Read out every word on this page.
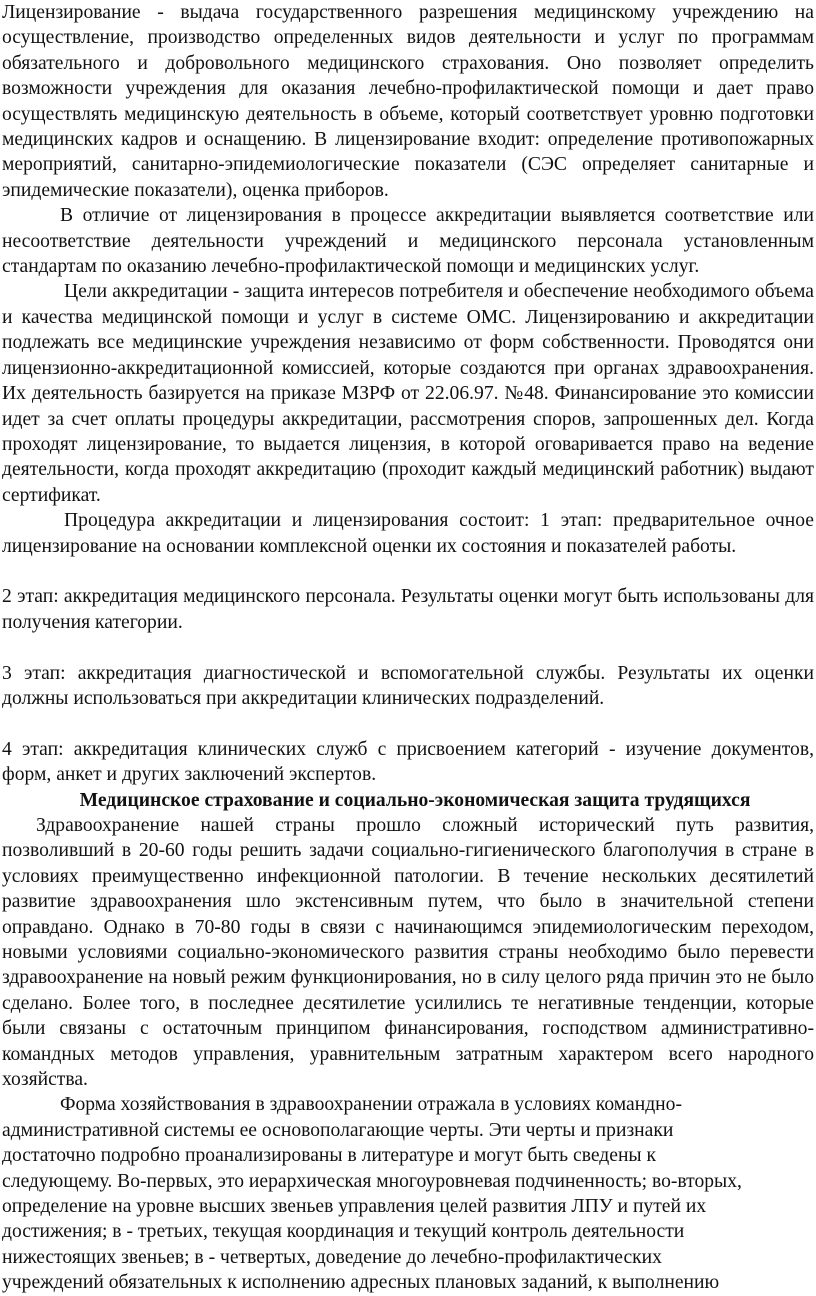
Лицензирование - выдача государственного разрешения медицинскому учреждению на осуществление, производство определенных видов деятельности и услуг по программам обязательного и добровольного медицинского страхования. Оно позволяет определить возможности учреждения для оказания лечебно-профилактической помощи и дает право осуществлять медицинскую деятельность в объеме, который соответствует уровню подготовки медицинских кадров и оснащению. В лицензирование входит: определение противопожарных мероприятий, санитарно-эпидемиологические показатели (СЭС определяет санитарные и эпидемические показатели), оценка приборов.

В отличие от лицензирования в процессе аккредитации выявляется соответствие или несоответствие деятельности учреждений и медицинского персонала установленным стандартам по оказанию лечебно-профилактической помощи и медицинских услуг.

Цели аккредитации - защита интересов потребителя и обеспечение необходимого объема и качества медицинской помощи и услуг в системе ОМС. Лицензированию и аккредитации подлежать все медицинские учреждения независимо от форм собственности. Проводятся они лицензионно-аккредитационной комиссией, которые создаются при органах здравоохранения. Их деятельность базируется на приказе МЗРФ от 22.06.97. №48. Финансирование это комиссии идет за счет оплаты процедуры аккредитации, рассмотрения споров, запрошенных дел. Когда проходят лицензирование, то выдается лицензия, в которой оговаривается право на ведение деятельности, когда проходят аккредитацию (проходит каждый медицинский работник) выдают сертификат.

Процедура аккредитации и лицензирования состоит: 1 этап: предварительное очное лицензирование на основании комплексной оценки их состояния и показателей работы.

2 этап: аккредитация медицинского персонала. Результаты оценки могут быть использованы для получения категории.

3 этап: аккредитация диагностической и вспомогательной службы. Результаты их оценки должны использоваться при аккредитации клинических подразделений.

4 этап: аккредитация клинических служб с присвоением категорий - изучение документов, форм, анкет и других заключений экспертов.

Медицинское страхование и социально-экономическая защита трудящихся

Здравоохранение нашей страны прошло сложный исторический путь развития, позволивший в 20-60 годы решить задачи социально-гигиенического благополучия в стране в условиях преимущественно инфекционной патологии. В течение нескольких десятилетий развитие здравоохранения шло экстенсивным путем, что было в значительной степени оправдано. Однако в 70-80 годы в связи с начинающимся эпидемиологическим переходом, новыми условиями социально-экономического развития страны необходимо было перевести здравоохранение на новый режим функционирования, но в силу целого ряда причин это не было сделано. Более того, в последнее десятилетие усилились те негативные тенденции, которые были связаны с остаточным принципом финансирования, господством административно-командных методов управления, уравнительным затратным характером всего народного хозяйства.

Форма хозяйствования в здравоохранении отражала в условиях командно-

административной системы ее основополагающие черты. Эти черты и признаки

достаточно подробно проанализированы в литературе и могут быть сведены к

следующему. Во-первых, это иерархическая многоуровневая подчиненность; во-вторых,

определение на уровне высших звеньев управления целей развития ЛПУ и путей их

достижения; в - третьих, текущая координация и текущий контроль деятельности

нижестоящих звеньев; в - четвертых, доведение до лечебно-профилактических

учреждений обязательных к исполнению адресных плановых заданий, к выполнению
